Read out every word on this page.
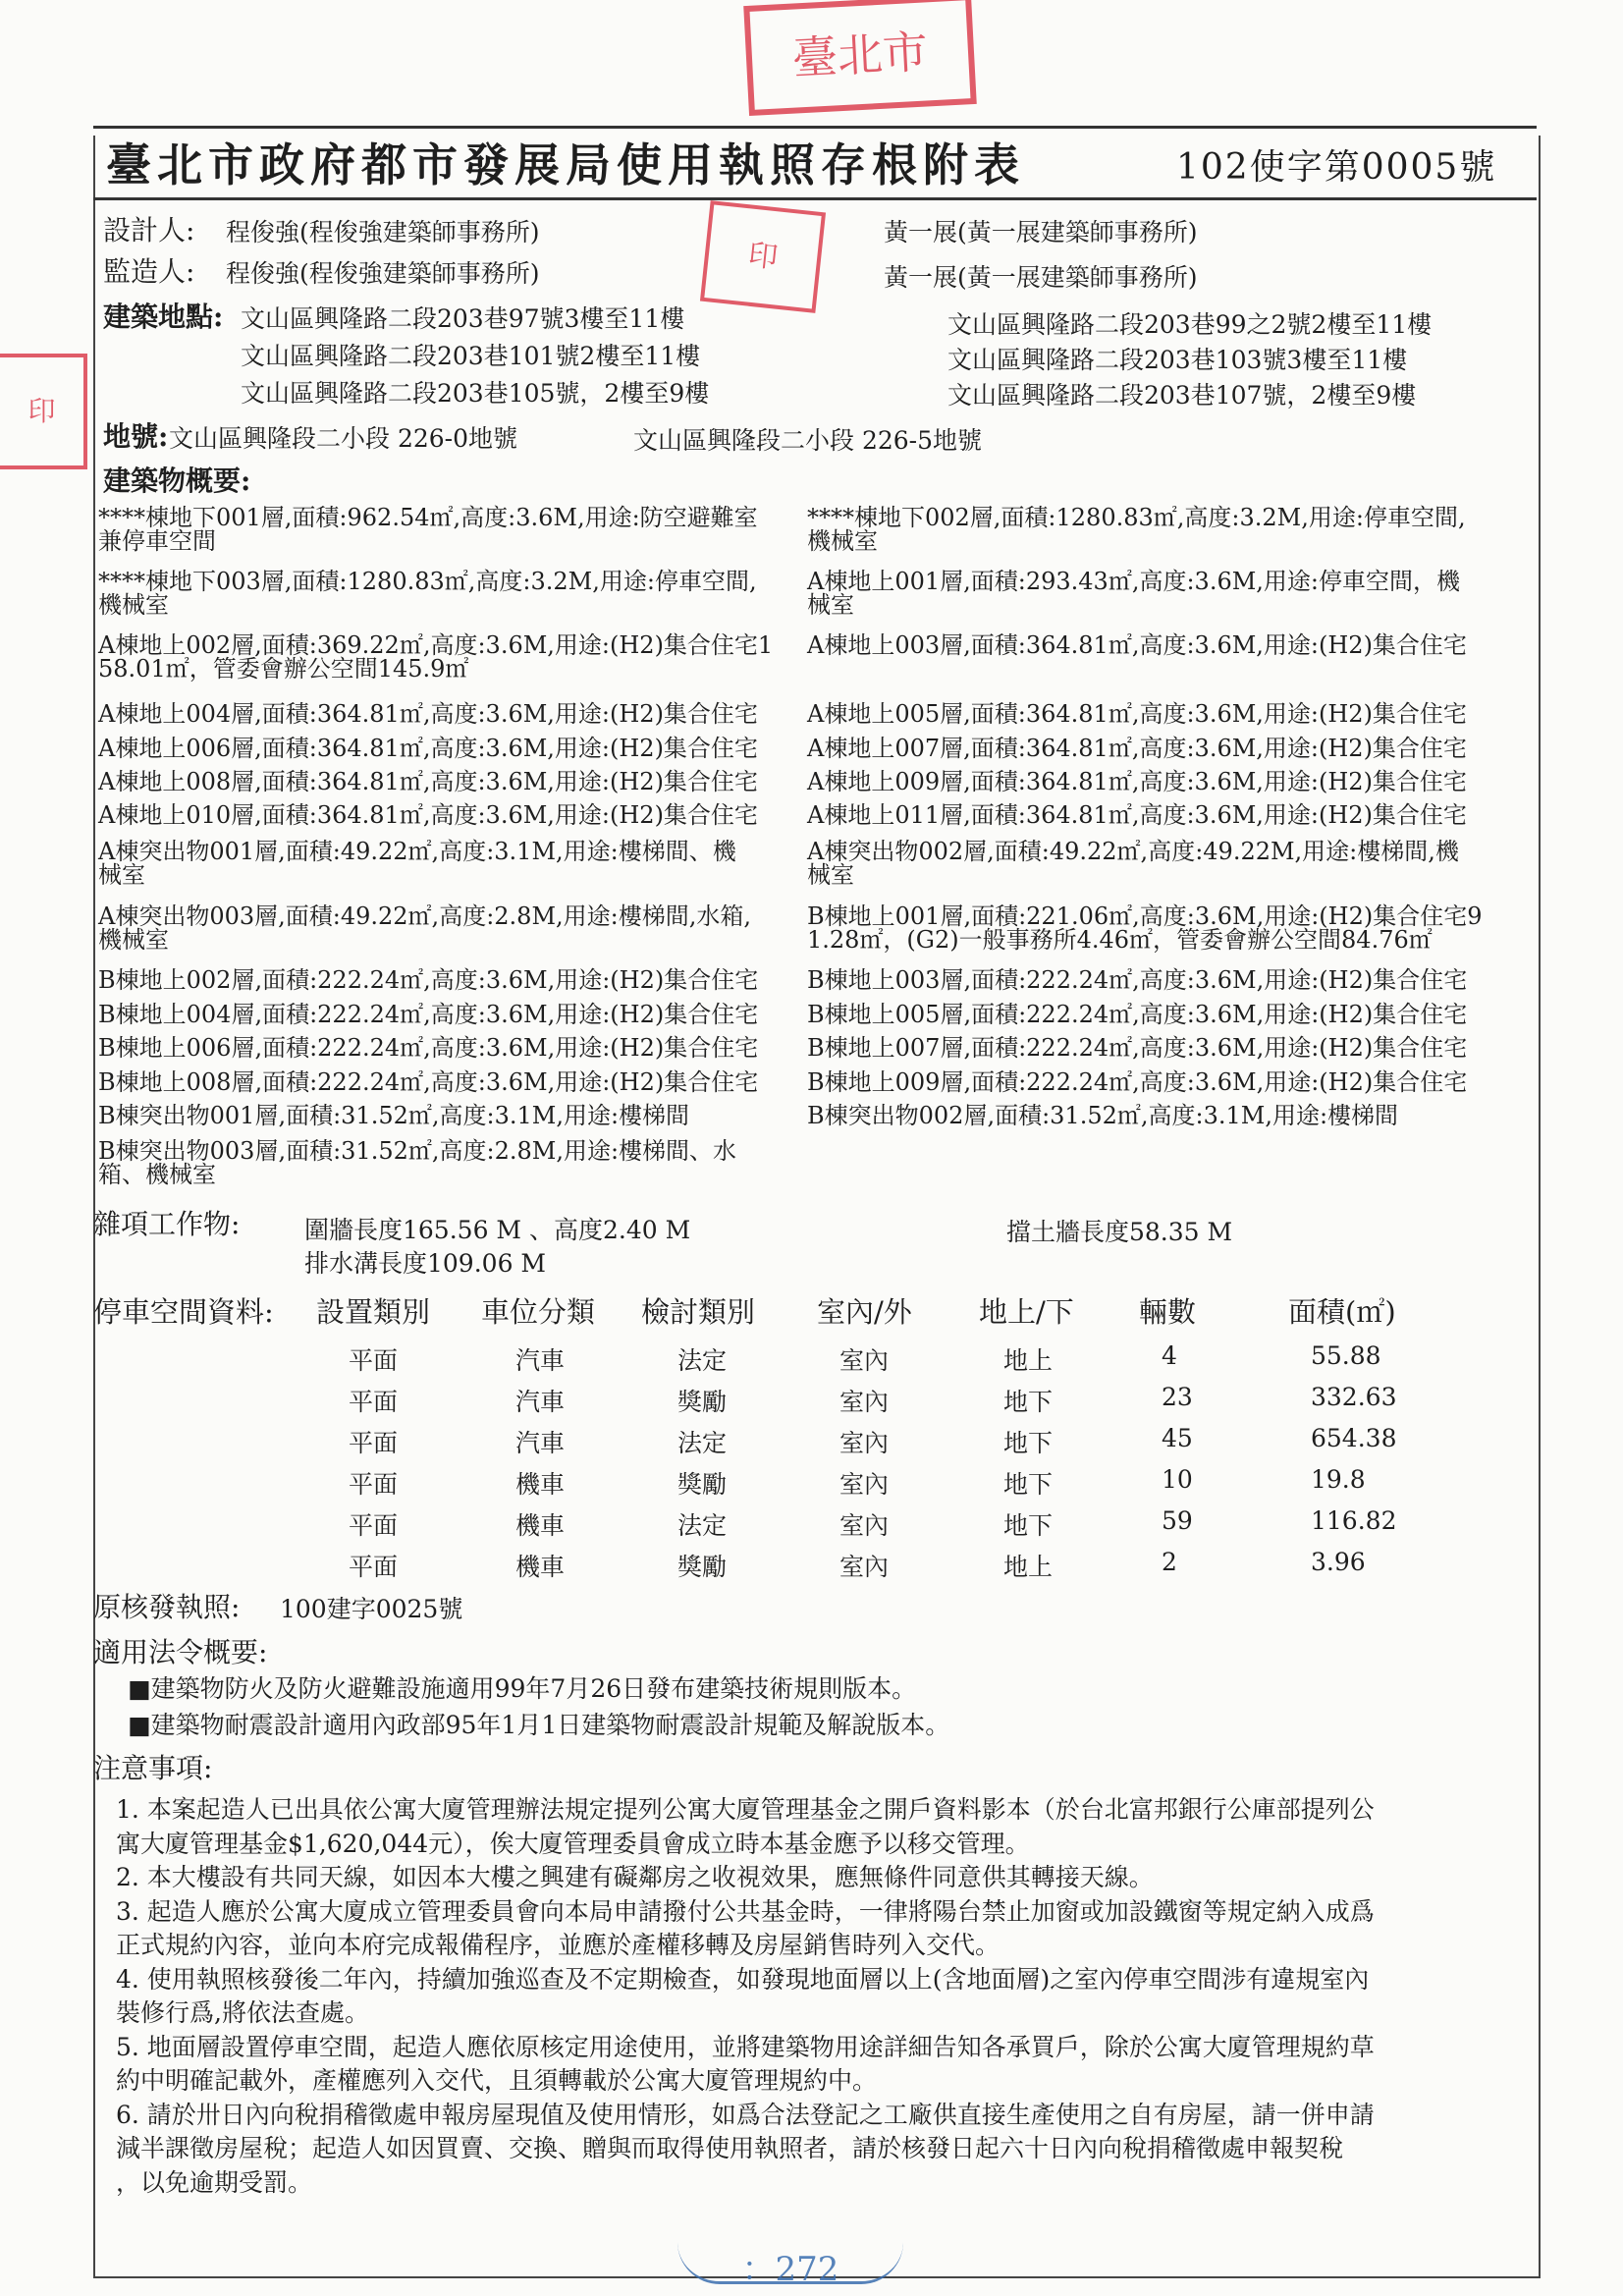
臺北市
印
印
臺北市政府都市發展局使用執照存根附表	102使字第0005號
設計人: 程俊強(程俊強建築師事務所)	黃一展(黃一展建築師事務所)
監造人: 程俊強(程俊強建築師事務所)	黃一展(黃一展建築師事務所)
建築地點: 文山區興隆路二段203巷97號3樓至11樓
文山區興隆路二段203巷101號2樓至11樓
文山區興隆路二段203巷105號，2樓至9樓
文山區興隆路二段203巷99之2號2樓至11樓
文山區興隆路二段203巷103號3樓至11樓
文山區興隆路二段203巷107號，2樓至9樓
地號: 文山區興隆段二小段 226-0地號	文山區興隆段二小段 226-5地號
建築物概要:
****棟地下001層,面積:962.54㎡,高度:3.6M,用途:防空避難室
兼停車空間
****棟地下003層,面積:1280.83㎡,高度:3.2M,用途:停車空間,
機械室
A棟地上002層,面積:369.22㎡,高度:3.6M,用途:(H2)集合住宅1
58.01㎡，管委會辦公空間145.9㎡
A棟地上004層,面積:364.81㎡,高度:3.6M,用途:(H2)集合住宅
A棟地上006層,面積:364.81㎡,高度:3.6M,用途:(H2)集合住宅
A棟地上008層,面積:364.81㎡,高度:3.6M,用途:(H2)集合住宅
A棟地上010層,面積:364.81㎡,高度:3.6M,用途:(H2)集合住宅
A棟突出物001層,面積:49.22㎡,高度:3.1M,用途:樓梯間、機
械室
A棟突出物003層,面積:49.22㎡,高度:2.8M,用途:樓梯間,水箱,
機械室
B棟地上002層,面積:222.24㎡,高度:3.6M,用途:(H2)集合住宅
B棟地上004層,面積:222.24㎡,高度:3.6M,用途:(H2)集合住宅
B棟地上006層,面積:222.24㎡,高度:3.6M,用途:(H2)集合住宅
B棟地上008層,面積:222.24㎡,高度:3.6M,用途:(H2)集合住宅
B棟突出物001層,面積:31.52㎡,高度:3.1M,用途:樓梯間
B棟突出物003層,面積:31.52㎡,高度:2.8M,用途:樓梯間、水
箱、機械室
****棟地下002層,面積:1280.83㎡,高度:3.2M,用途:停車空間,
機械室
A棟地上001層,面積:293.43㎡,高度:3.6M,用途:停車空間，機
械室
A棟地上003層,面積:364.81㎡,高度:3.6M,用途:(H2)集合住宅
A棟地上005層,面積:364.81㎡,高度:3.6M,用途:(H2)集合住宅
A棟地上007層,面積:364.81㎡,高度:3.6M,用途:(H2)集合住宅
A棟地上009層,面積:364.81㎡,高度:3.6M,用途:(H2)集合住宅
A棟地上011層,面積:364.81㎡,高度:3.6M,用途:(H2)集合住宅
A棟突出物002層,面積:49.22㎡,高度:49.22M,用途:樓梯間,機
械室
B棟地上001層,面積:221.06㎡,高度:3.6M,用途:(H2)集合住宅9
1.28㎡，(G2)一般事務所4.46㎡，管委會辦公空間84.76㎡
B棟地上003層,面積:222.24㎡,高度:3.6M,用途:(H2)集合住宅
B棟地上005層,面積:222.24㎡,高度:3.6M,用途:(H2)集合住宅
B棟地上007層,面積:222.24㎡,高度:3.6M,用途:(H2)集合住宅
B棟地上009層,面積:222.24㎡,高度:3.6M,用途:(H2)集合住宅
B棟突出物002層,面積:31.52㎡,高度:3.1M,用途:樓梯間
雜項工作物:	圍牆長度165.56 M 、高度2.40 M
排水溝長度109.06 M
擋土牆長度58.35 M
停車空間資料: 設置類別 車位分類 檢討類別 室內/外 地上/下 輛數	面積(㎡)
平面	汽車	法定	室內	地上	4	55.88
平面	汽車	獎勵	室內	地下	23	332.63
平面	汽車	法定	室內	地下	45	654.38
平面	機車	獎勵	室內	地下	10	19.8
平面	機車	法定	室內	地下	59	116.82
平面	機車	獎勵	室內	地上	2	3.96
原核發執照: 100建字0025號
適用法令概要:
■建築物防火及防火避難設施適用99年7月26日發布建築技術規則版本。
■建築物耐震設計適用內政部95年1月1日建築物耐震設計規範及解說版本。
注意事項:
1. 本案起造人已出具依公寓大廈管理辦法規定提列公寓大廈管理基金之開戶資料影本（於台北富邦銀行公庫部提列公
寓大廈管理基金$1,620,044元），俟大廈管理委員會成立時本基金應予以移交管理。
2. 本大樓設有共同天線，如因本大樓之興建有礙鄰房之收視效果，應無條件同意供其轉接天線。
3. 起造人應於公寓大廈成立管理委員會向本局申請撥付公共基金時，一律將陽台禁止加窗或加設鐵窗等規定納入成爲
正式規約內容，並向本府完成報備程序，並應於產權移轉及房屋銷售時列入交代。
4. 使用執照核發後二年內，持續加強巡查及不定期檢查，如發現地面層以上(含地面層)之室內停車空間涉有違規室內
裝修行爲,將依法查處。
5. 地面層設置停車空間，起造人應依原核定用途使用，並將建築物用途詳細告知各承買戶，除於公寓大廈管理規約草
約中明確記載外，產權應列入交代，且須轉載於公寓大廈管理規約中。
6. 請於卅日內向稅捐稽徵處申報房屋現值及使用情形，如爲合法登記之工廠供直接生產使用之自有房屋，請一併申請
減半課徵房屋稅；起造人如因買賣、交換、贈與而取得使用執照者，請於核發日起六十日內向稅捐稽徵處申報契稅
，以免逾期受罰。
：272
